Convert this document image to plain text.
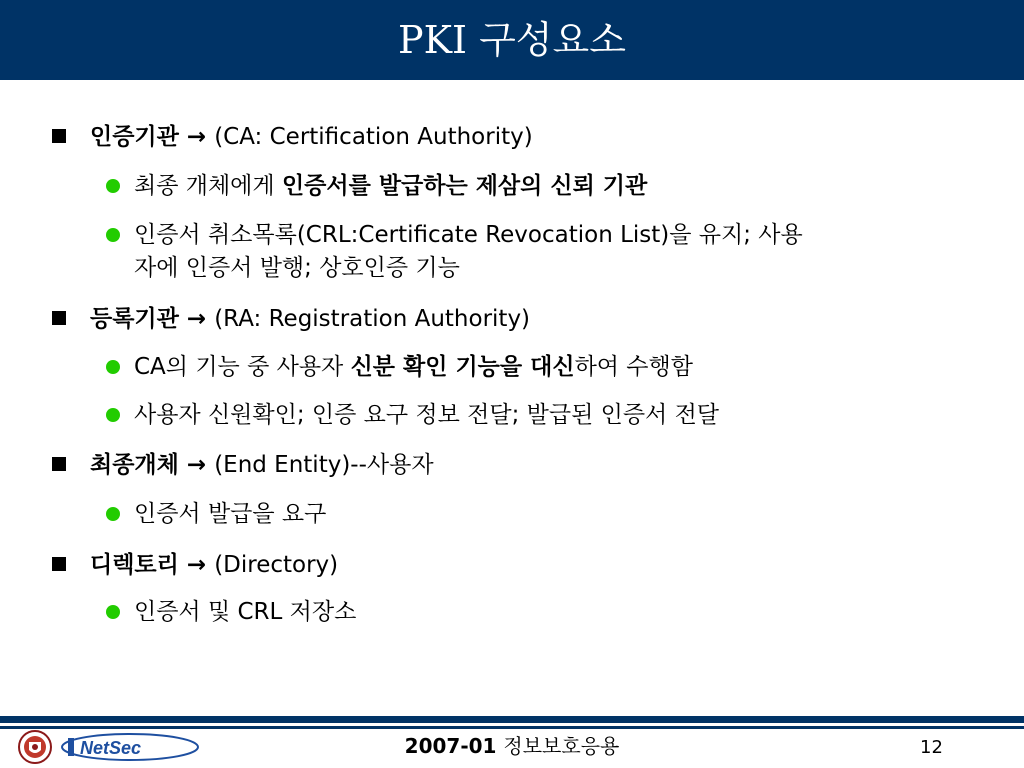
PKI 구성요소
인증기관 → (CA: Certification Authority)
최종 개체에게 인증서를 발급하는 제삼의 신뢰 기관
인증서 취소목록(CRL:Certificate Revocation List)을 유지; 사용
자에 인증서 발행; 상호인증 기능
등록기관 → (RA: Registration Authority)
CA의 기능 중 사용자 신분 확인 기능을 대신하여 수행함
사용자 신원확인; 인증 요구 정보 전달; 발급된 인증서 전달
최종개체 → (End Entity)--사용자
인증서 발급을 요구
디렉토리 → (Directory)
인증서 및 CRL 저장소
NetSec	2007-01 정보보호응용	12
